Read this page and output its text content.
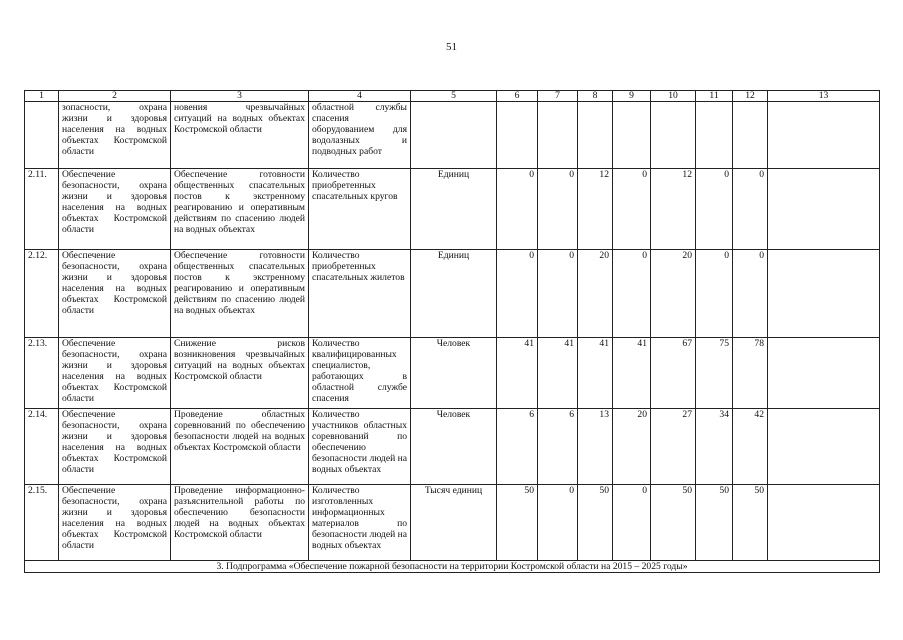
51
1	2	3	4	5	6	7	8	9	10	11	12	13
	зопасности, охрана жизни и здоровья населения на водных объектах Костромской области	новения чрезвычайных ситуаций на водных объектах Костромской области	областной службы спасения оборудованием для водолазных и подводных работ									
2.11.	Обеспечение безопасности, охрана жизни и здоровья населения на водных объектах Костромской области	Обеспечение готовности общественных спасательных постов к экстренному реагированию и оперативным действиям по спасению людей на водных объектах	Количество приобретенных спасательных кругов	Единиц	0	0	12	0	12	0	0	
2.12.	Обеспечение безопасности, охрана жизни и здоровья населения на водных объектах Костромской области	Обеспечение готовности общественных спасательных постов к экстренному реагированию и оперативным действиям по спасению людей на водных объектах	Количество приобретенных спасательных жилетов	Единиц	0	0	20	0	20	0	0	
2.13.	Обеспечение безопасности, охрана жизни и здоровья населения на водных объектах Костромской области	Снижение рисков возникновения чрезвычайных ситуаций на водных объектах Костромской области	Количество квалифицированных специалистов, работающих в областной службе спасения	Человек	41	41	41	41	67	75	78	
2.14.	Обеспечение безопасности, охрана жизни и здоровья населения на водных объектах Костромской области	Проведение областных соревнований по обеспечению безопасности людей на водных объектах Костромской области	Количество участников областных соревнований по обеспечению безопасности людей на водных объектах	Человек	6	6	13	20	27	34	42	
2.15.	Обеспечение безопасности, охрана жизни и здоровья населения на водных объектах Костромской области	Проведение информационно-разъяснительной работы по обеспечению безопасности людей на водных объектах Костромской области	Количество изготовленных информационных материалов по безопасности людей на водных объектах	Тысяч единиц	50	0	50	0	50	50	50	
3. Подпрограмма «Обеспечение пожарной безопасности на территории Костромской области на 2015 – 2025 годы»												
